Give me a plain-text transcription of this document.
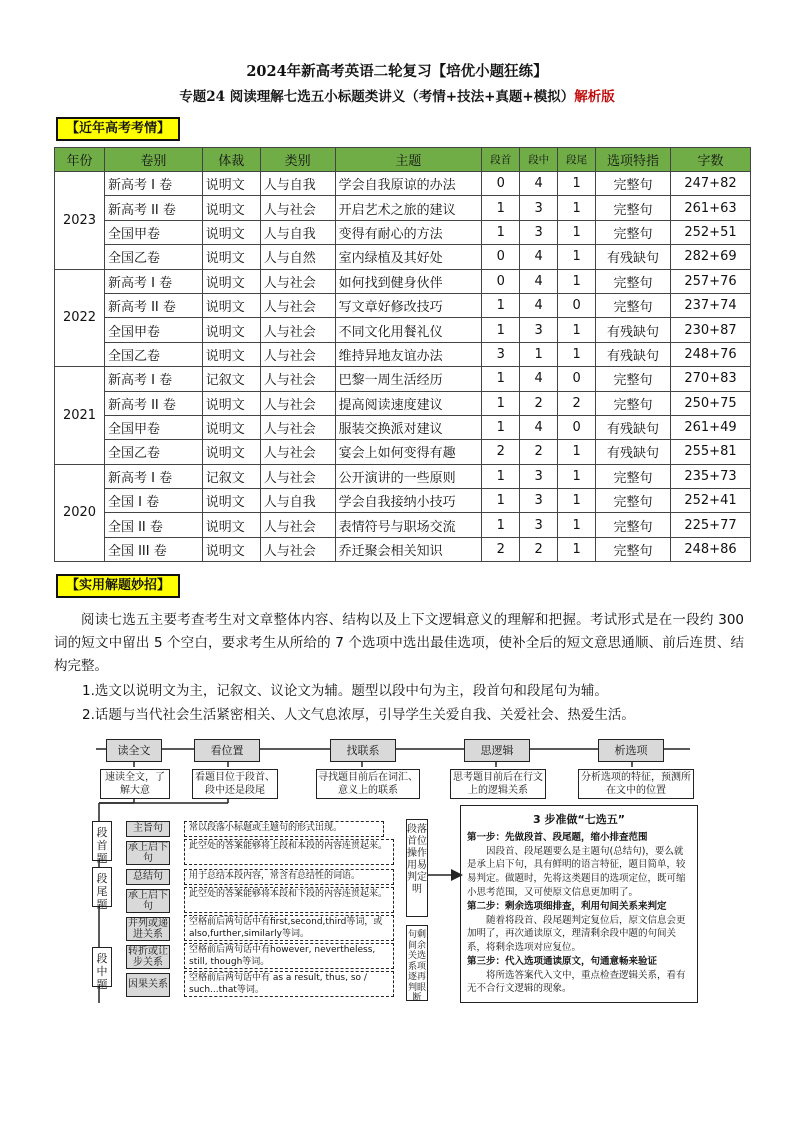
2024年新高考英语二轮复习【培优小题狂练】
专题24 阅读理解七选五小标题类讲义（考情+技法+真题+模拟）解析版
【近年高考考情】
年份	卷别	体裁	类别	主题	段首	段中	段尾	选项特指	字数
2023	新高考 I 卷	说明文	人与自我	学会自我原谅的办法	0	4	1	完整句	247+82
	新高考 II 卷	说明文	人与社会	开启艺术之旅的建议	1	3	1	完整句	261+63
	全国甲卷	说明文	人与自我	变得有耐心的方法	1	3	1	完整句	252+51
	全国乙卷	说明文	人与自然	室内绿植及其好处	0	4	1	有残缺句	282+69
2022	新高考 I 卷	说明文	人与社会	如何找到健身伙伴	0	4	1	完整句	257+76
	新高考 II 卷	说明文	人与社会	写文章好修改技巧	1	4	0	完整句	237+74
	全国甲卷	说明文	人与社会	不同文化用餐礼仪	1	3	1	有残缺句	230+87
	全国乙卷	说明文	人与社会	维持异地友谊办法	3	1	1	有残缺句	248+76
2021	新高考 I 卷	记叙文	人与社会	巴黎一周生活经历	1	4	0	完整句	270+83
	新高考 II 卷	说明文	人与社会	提高阅读速度建议	1	2	2	完整句	250+75
	全国甲卷	说明文	人与社会	服装交换派对建议	1	4	0	有残缺句	261+49
	全国乙卷	说明文	人与社会	宴会上如何变得有趣	2	2	1	有残缺句	255+81
2020	新高考 I 卷	记叙文	人与社会	公开演讲的一些原则	1	3	1	完整句	235+73
	全国 I 卷	说明文	人与自我	学会自我接纳小技巧	1	3	1	完整句	252+41
	全国 II 卷	说明文	人与社会	表情符号与职场交流	1	3	1	完整句	225+77
	全国 III 卷	说明文	人与社会	乔迁聚会相关知识	2	2	1	完整句	248+86
【实用解题妙招】
阅读七选五主要考查考生对文章整体内容、结构以及上下文逻辑意义的理解和把握。考试形式是在一段约 300 词的短文中留出 5 个空白，要求考生从所给的 7 个选项中选出最佳选项，使补全后的短文意思通顺、前后连贯、结构完整。
1.选文以说明文为主，记叙文、议论文为辅。题型以段中句为主，段首句和段尾句为辅。
2.话题与当代社会生活紧密相关、人文气息浓厚，引导学生关爱自我、关爱社会、热爱生活。
读全文	看位置	找联系	思逻辑	析选项
速读全文，了解大意
看题目位于段首、段中还是段尾
寻找题目前后在词汇、意义上的联系
思考题目前后在行文上的逻辑关系
分析选项的特征，预测所在文中的位置
段首题
段尾题
段中题
主旨句	常以段落小标题或主题句的形式出现。
承上启下句
此空处的答案能够将上段和本段的内容连贯起来。
总结句	用于总结本段内容，常含有总结性的词语。
承上启下句
此空处的答案能够将本段和下段的内容连贯起来。
并列或递进关系
空格前后两句话中有first,second,third等词，或also,further,similarly等词。
转折或让步关系
空格前后两句话中有however, nevertheless, still, though等词。
因果关系
空格前后两句话中有 as a result, thus, so / such...that等词。
段落首位操作用易判定明
句剩间余关选系项逐再判眼断
3 步准做“七选五”
第一步：先做段首、段尾题，缩小排查范围

因段首、段尾题要么是主题句(总结句)，要么就是承上启下句，具有鲜明的语言特征，题目简单，较易判定。做题时，先将这类题目的选项定位，既可缩小思考范围，又可使原文信息更加明了。

第二步：剩余选项细排查，利用句间关系来判定

随着将段首、段尾题判定复位后，原文信息会更加明了，再次通读原文，理清剩余段中题的句间关系，将剩余选项对应复位。

第三步：代入选项通读原文，句通意畅来验证

将所选答案代入文中，重点检查逻辑关系，看有无不合行文逻辑的现象。
